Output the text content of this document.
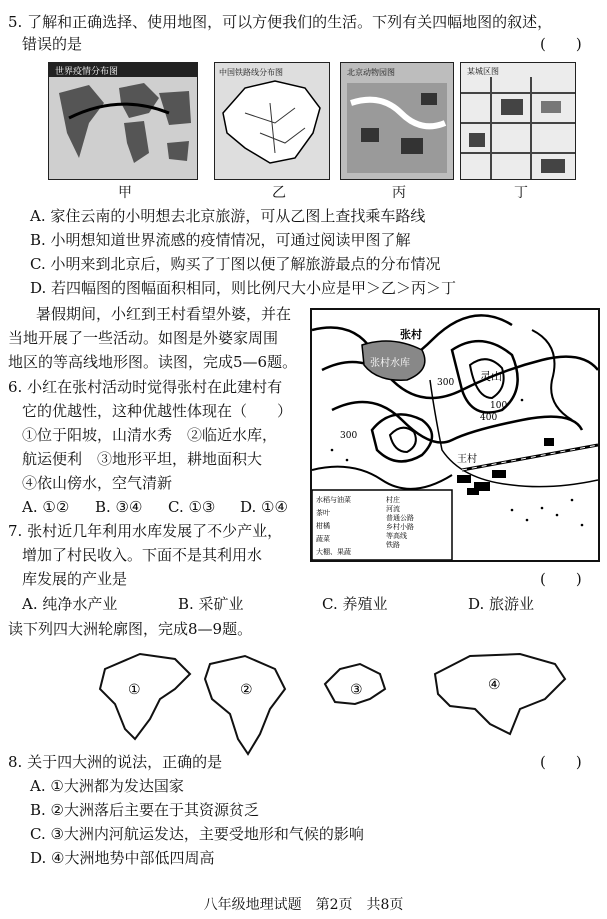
5. 了解和正确选择、使用地图，可以方便我们的生活。下列有关四幅地图的叙述，
错误的是	(　　)
世界疫情分布图	中国铁路线分布图	北京动物园图	某城区图
甲	乙	丙	丁
A. 家住云南的小明想去北京旅游，可从乙图上查找乘车路线
B. 小明想知道世界流感的疫情情况，可通过阅读甲图了解
C. 小明来到北京后，购买了丁图以便了解旅游最点的分布情况
D. 若四幅图的图幅面积相同，则比例尺大小应是甲＞乙＞丙＞丁
暑假期间，小红到王村看望外婆，并在
当地开展了一些活动。如图是外婆家周围
地区的等高线地形图。读图，完成5—6题。
6. 小红在张村活动时觉得张村在此建村有
它的优越性，这种优越性体现在（　　）
①位于阳坡，山清水秀　②临近水库，
航运便利　③地形平坦，耕地面积大
④依山傍水，空气清新
A. ①② B. ③④ C. ①③ D. ①④
张村
张村水库
灵山
王村
300
300
400
100
水稻与油菜
茶叶
柑橘
蔬菜
大棚、果蔬
村庄
河流
普通公路
乡村小路
等高线
铁路
7. 张村近几年利用水库发展了不少产业，
增加了村民收入。下面不是其利用水
库发展的产业是	(　　)
A. 纯净水产业	B. 采矿业	C. 养殖业	D. 旅游业
读下列四大洲轮廓图，完成8—9题。
①	②	③	④
8. 关于四大洲的说法，正确的是	(　　)
A. ①大洲都为发达国家
B. ②大洲落后主要在于其资源贫乏
C. ③大洲内河航运发达，主要受地形和气候的影响
D. ④大洲地势中部低四周高
八年级地理试题　第2页　共8页
